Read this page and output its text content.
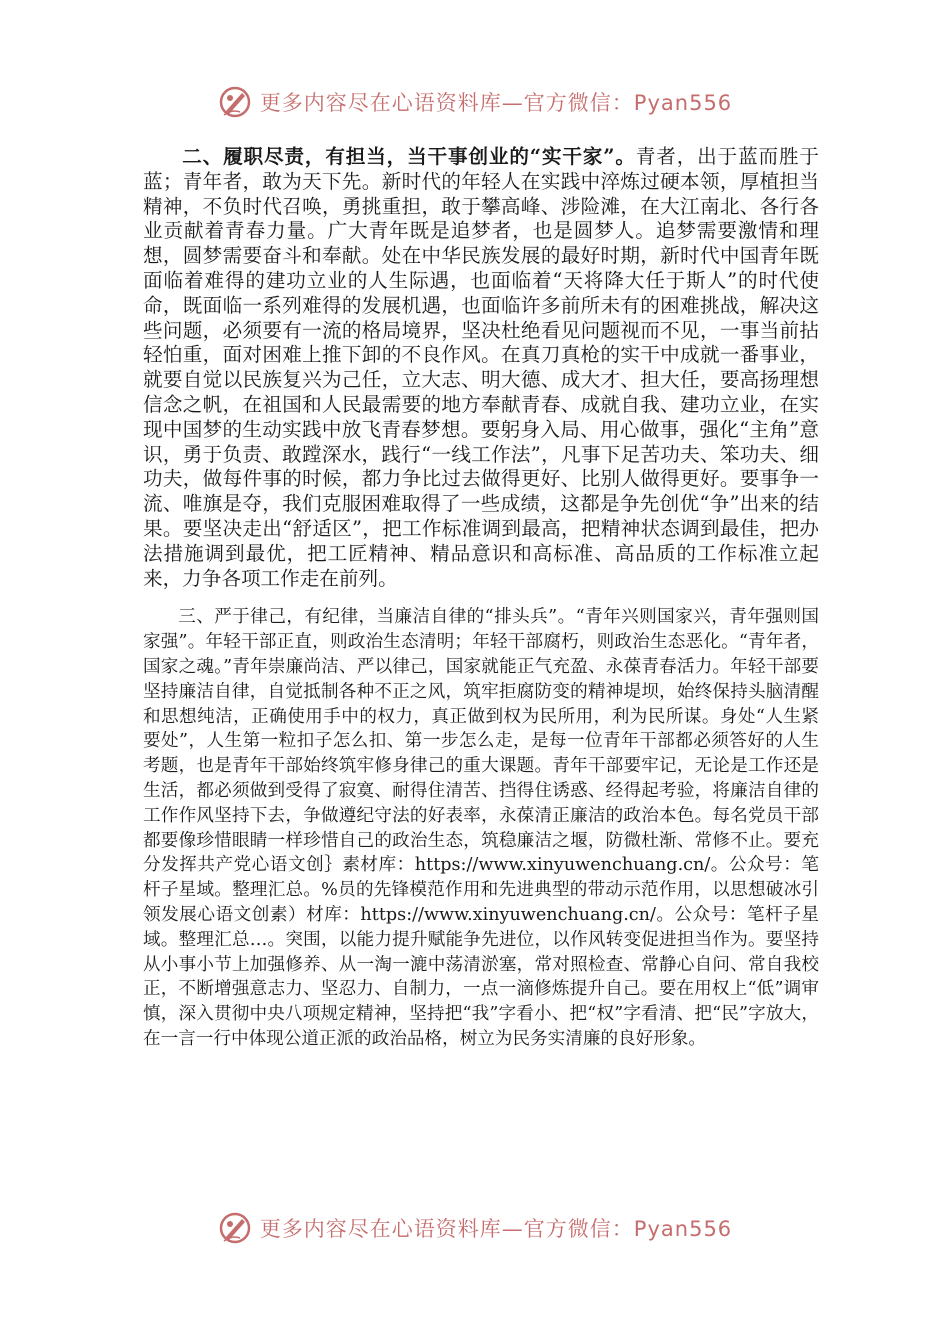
更多内容尽在心语资料库—官方微信：Pyan556

二、履职尽责，有担当，当干事创业的“实干家”。青者，出于蓝而胜于蓝；青年者，敢为天下先。新时代的年轻人在实践中淬炼过硬本领，厚植担当精神，不负时代召唤，勇挑重担，敢于攀高峰、涉险滩，在大江南北、各行各业贡献着青春力量。广大青年既是追梦者，也是圆梦人。追梦需要激情和理想，圆梦需要奋斗和奉献。处在中华民族发展的最好时期，新时代中国青年既面临着难得的建功立业的人生际遇，也面临着“天将降大任于斯人”的时代使命，既面临一系列难得的发展机遇，也面临许多前所未有的困难挑战，解决这些问题，必须要有一流的格局境界，坚决杜绝看见问题视而不见，一事当前拈轻怕重，面对困难上推下卸的不良作风。在真刀真枪的实干中成就一番事业，就要自觉以民族复兴为己任，立大志、明大德、成大才、担大任，要高扬理想信念之帆，在祖国和人民最需要的地方奉献青春、成就自我、建功立业，在实现中国梦的生动实践中放飞青春梦想。要躬身入局、用心做事，强化“主角”意识，勇于负责、敢蹚深水，践行“一线工作法”，凡事下足苦功夫、笨功夫、细功夫，做每件事的时候，都力争比过去做得更好、比别人做得更好。要事争一流、唯旗是夺，我们克服困难取得了一些成绩，这都是争先创优“争”出来的结果。要坚决走出“舒适区”，把工作标准调到最高，把精神状态调到最佳，把办法措施调到最优，把工匠精神、精品意识和高标准、高品质的工作标准立起来，力争各项工作走在前列。

三、严于律己，有纪律，当廉洁自律的“排头兵”。“青年兴则国家兴，青年强则国家强”。年轻干部正直，则政治生态清明；年轻干部腐朽，则政治生态恶化。“青年者，国家之魂。”青年崇廉尚洁、严以律己，国家就能正气充盈、永葆青春活力。年轻干部要坚持廉洁自律，自觉抵制各种不正之风，筑牢拒腐防变的精神堤坝，始终保持头脑清醒和思想纯洁，正确使用手中的权力，真正做到权为民所用，利为民所谋。身处“人生紧要处”，人生第一粒扣子怎么扣、第一步怎么走，是每一位青年干部都必须答好的人生考题，也是青年干部始终筑牢修身律己的重大课题。青年干部要牢记，无论是工作还是生活，都必须做到受得了寂寞、耐得住清苦、挡得住诱惑、经得起考验，将廉洁自律的工作作风坚持下去，争做遵纪守法的好表率，永葆清正廉洁的政治本色。每名党员干部都要像珍惜眼睛一样珍惜自己的政治生态，筑稳廉洁之堰，防微杜渐、常修不止。要充分发挥共产党心语文创｝素材库：https://www.xinyuwenchuang.cn/。公众号：笔杆子星域。整理汇总。%员的先锋模范作用和先进典型的带动示范作用，以思想破冰引领发展心语文创素）材库：https://www.xinyuwenchuang.cn/。公众号：笔杆子星域。整理汇总…。突围，以能力提升赋能争先进位，以作风转变促进担当作为。要坚持从小事小节上加强修养、从一淘一漉中荡清淤塞，常对照检查、常静心自问、常自我校正，不断增强意志力、坚忍力、自制力，一点一滴修炼提升自己。要在用权上“低”调审慎，深入贯彻中央八项规定精神，坚持把“我”字看小、把“权”字看清、把“民”字放大，在一言一行中体现公道正派的政治品格，树立为民务实清廉的良好形象。

更多内容尽在心语资料库—官方微信：Pyan556
